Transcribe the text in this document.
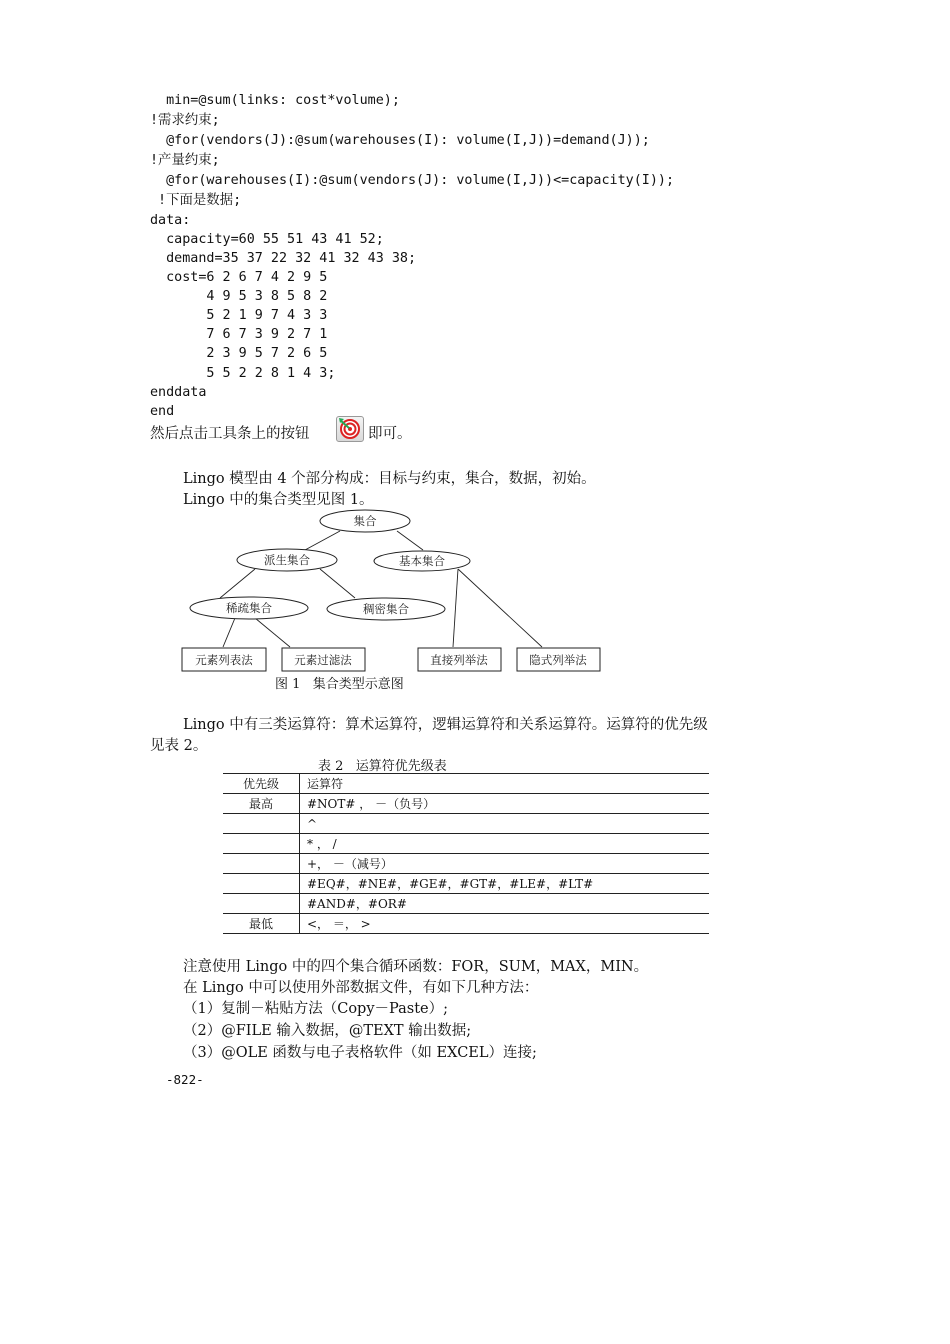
min=@sum(links: cost*volume);
!需求约束;
@for(vendors(J):@sum(warehouses(I): volume(I,J))=demand(J));
!产量约束;
@for(warehouses(I):@sum(vendors(J): volume(I,J))<=capacity(I));
!下面是数据;
data:
capacity=60 55 51 43 41 52;
demand=35 37 22 32 41 32 43 38;
cost=6 2 6 7 4 2 9 5
4 9 5 3 8 5 8 2
5 2 1 9 7 4 3 3
7 6 7 3 9 2 7 1
2 3 9 5 7 2 6 5
5 5 2 2 8 1 4 3;
enddata
end
然后点击工具条上的按钮	即可。
Lingo 模型由 4 个部分构成：目标与约束，集合，数据，初始。
Lingo 中的集合类型见图 1。
集合
派生集合	基本集合
稀疏集合	稠密集合
元素列表法	元素过滤法	直接列举法	隐式列举法
图 1   集合类型示意图
Lingo 中有三类运算符：算术运算符，逻辑运算符和关系运算符。运算符的优先级
见表 2。
表 2   运算符优先级表
优先级	运算符
最高	#NOT# ， －（负号）
	^
	* ， /
	+， －（减号）
	#EQ#，#NE#，#GE#，#GT#，#LE#，#LT#
	#AND#，#OR#
最低	<， ＝， >
注意使用 Lingo 中的四个集合循环函数：FOR，SUM，MAX，MIN。
在 Lingo 中可以使用外部数据文件，有如下几种方法：
（1）复制－粘贴方法（Copy－Paste）;
（2）@FILE 输入数据，@TEXT 输出数据;
（3）@OLE 函数与电子表格软件（如 EXCEL）连接;
-822-
